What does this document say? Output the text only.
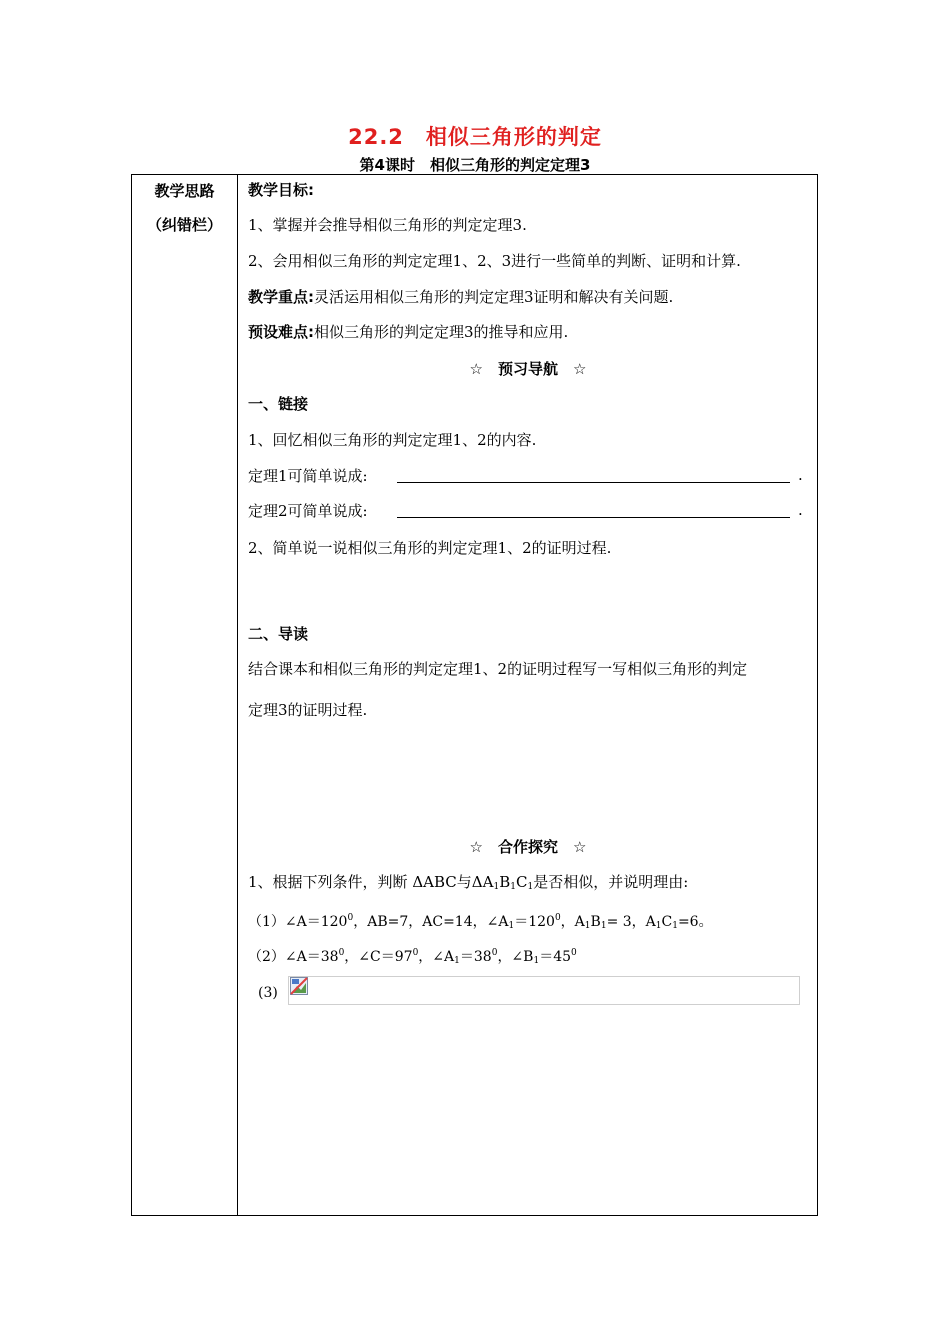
22.2　相似三角形的判定
第4课时　相似三角形的判定定理3
教学思路
（纠错栏）
教学目标:
1、掌握并会推导相似三角形的判定定理3.
2、会用相似三角形的判定定理1、2、3进行一些简单的判断、证明和计算.
教学重点:灵活运用相似三角形的判定定理3证明和解决有关问题.
预设难点:相似三角形的判定定理3的推导和应用.
☆　预习导航　☆
一、链接
1、回忆相似三角形的判定定理1、2的内容.
定理1可简单说成:	.
定理2可简单说成:	.
2、简单说一说相似三角形的判定定理1、2的证明过程.
二、导读
结合课本和相似三角形的判定定理1、2的证明过程写一写相似三角形的判定
定理3的证明过程.
☆　合作探究　☆
1、根据下列条件，判断 ΔABC与$\Delta A_1B_1C_1$是否相似，并说明理由:
$(1)\angle A=120^0$，AB=7，AC=14，$\angle A_1=120^0$，$A_1B_1= 3$，$A_1C_1=6$。
$(2)\angle A=38^0$，$\angle C=97^0$，$\angle A_1=38^0$，$\angle B_1=45^0$
(3)
